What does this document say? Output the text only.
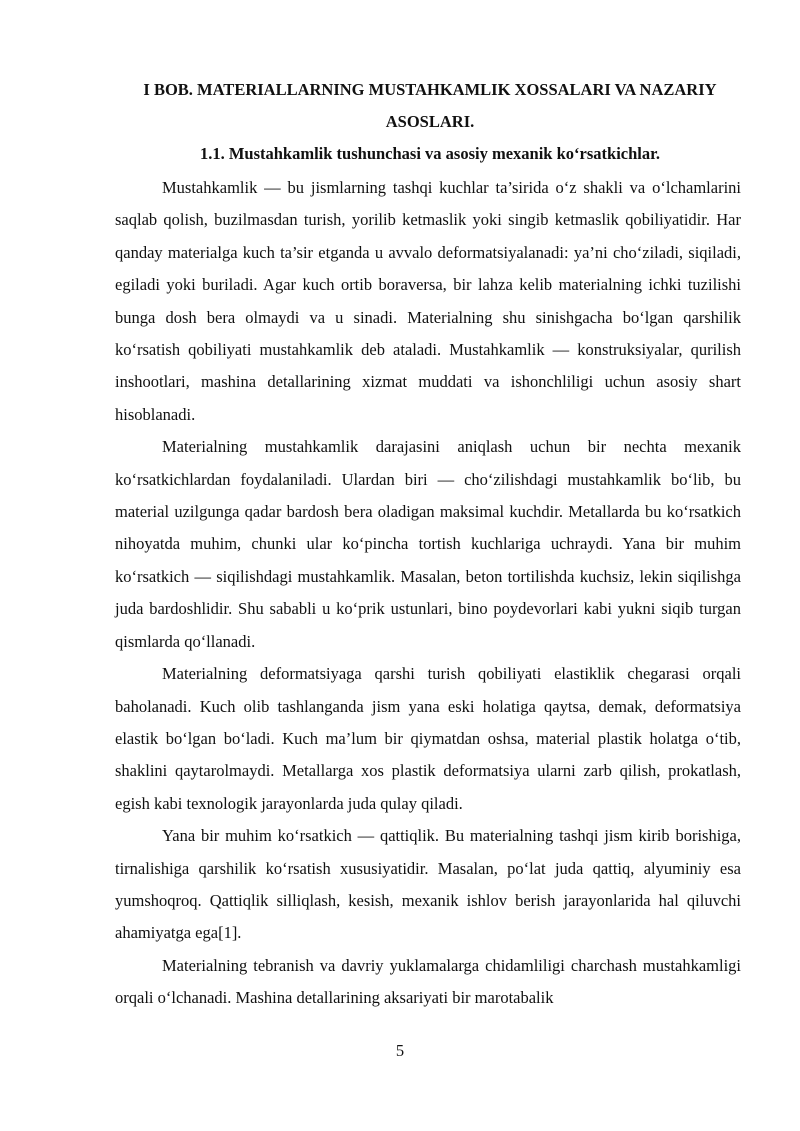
I BOB. MATERIALLARNING MUSTAHKAMLIK XOSSALARI VA NAZARIY ASOSLARI.
1.1. Mustahkamlik tushunchasi va asosiy mexanik ko‘rsatkichlar.

Mustahkamlik — bu jismlarning tashqi kuchlar ta’sirida o‘z shakli va o‘lchamlarini saqlab qolish, buzilmasdan turish, yorilib ketmaslik yoki singib ketmaslik qobiliyatidir. Har qanday materialga kuch ta’sir etganda u avvalo deformatsiyalanadi: ya’ni cho‘ziladi, siqiladi, egiladi yoki buriladi. Agar kuch ortib boraversa, bir lahza kelib materialning ichki tuzilishi bunga dosh bera olmaydi va u sinadi. Materialning shu sinishgacha bo‘lgan qarshilik ko‘rsatish qobiliyati mustahkamlik deb ataladi. Mustahkamlik — konstruksiyalar, qurilish inshootlari, mashina detallarining xizmat muddati va ishonchliligi uchun asosiy shart hisoblanadi.

Materialning mustahkamlik darajasini aniqlash uchun bir nechta mexanik ko‘rsatkichlardan foydalaniladi. Ulardan biri — cho‘zilishdagi mustahkamlik bo‘lib, bu material uzilgunga qadar bardosh bera oladigan maksimal kuchdir. Metallarda bu ko‘rsatkich nihoyatda muhim, chunki ular ko‘pincha tortish kuchlariga uchraydi. Yana bir muhim ko‘rsatkich — siqilishdagi mustahkamlik. Masalan, beton tortilishda kuchsiz, lekin siqilishga juda bardoshlidir. Shu sababli u ko‘prik ustunlari, bino poydevorlari kabi yukni siqib turgan qismlarda qo‘llanadi.

Materialning deformatsiyaga qarshi turish qobiliyati elastiklik chegarasi orqali baholanadi. Kuch olib tashlanganda jism yana eski holatiga qaytsa, demak, deformatsiya elastik bo‘lgan bo‘ladi. Kuch ma’lum bir qiymatdan oshsa, material plastik holatga o‘tib, shaklini qaytarolmaydi. Metallarga xos plastik deformatsiya ularni zarb qilish, prokatlash, egish kabi texnologik jarayonlarda juda qulay qiladi.

Yana bir muhim ko‘rsatkich — qattiqlik. Bu materialning tashqi jism kirib borishiga, tirnalishiga qarshilik ko‘rsatish xususiyatidir. Masalan, po‘lat juda qattiq, alyuminiy esa yumshoqroq. Qattiqlik silliqlash, kesish, mexanik ishlov berish jarayonlarida hal qiluvchi ahamiyatga ega[1].

Materialning tebranish va davriy yuklamalarga chidamliligi charchash mustahkamligi orqali o‘lchanadi. Mashina detallarining aksariyati bir marotabalik

5
